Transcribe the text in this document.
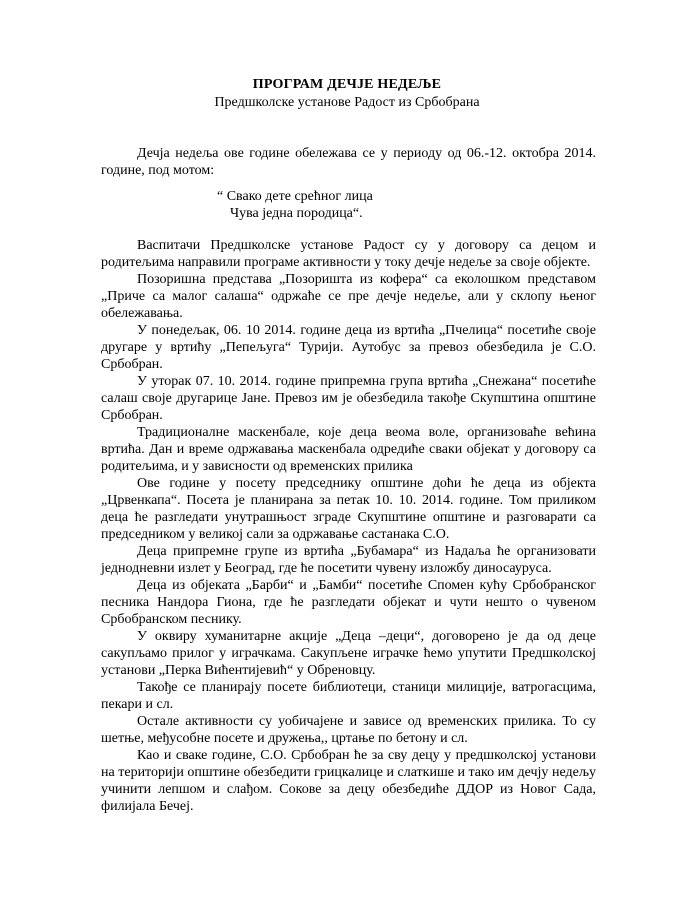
ПРОГРАМ ДЕЧЈЕ НЕДЕЉЕ
Предшколске установе Радост из Србобрана

Дечја недеља ове године обележава се у периоду од 06.-12. октобра 2014. године, под мотом:

“ Свако дете срећног лица
Чува једна породица“.

Васпитачи Предшколске установе Радост су у договору са децом и родитељима направили програме активности у току дечје недеље за своје објекте.

Позоришна представа „Позоришта из кофера“ са еколошком представом „Приче са малог салаша“ одржаће се пре дечје недеље, али у склопу њеног обележавања.

У понедељак, 06. 10 2014. године деца из вртића „Пчелица“ посетиће своје другаре у вртићу „Пепељуга“ Турији. Аутобус за превоз обезбедила је С.О. Србобран.

У уторак 07. 10. 2014. године припремна група вртића „Снежана“ посетиће салаш своје другарице Јане. Превоз им је обезбедила такође Скупштина општине Србобран.

Традиционалне маскенбале, које деца веома воле, организоваће већина вртића. Дан и време одржавања маскенбала одредиће сваки објекат у договору са родитељима, и у зависности од временских прилика

Ове године у посету председнику општине доћи ће деца из објекта „Црвенкапа“. Посета је планирана за петак 10. 10. 2014. године. Том приликом деца ће разгледати унутрашњост зграде Скупштине општине и разговарати са председником у великој сали за одржавање састанака С.О.

Деца припремне групе из вртића „Бубамара“ из Надаља ће организовати једнодневни излет у Београд, где ће посетити чувену изложбу диносауруса.

Деца из објеката „Барби“ и „Бамби“ посетиће Спомен кућу Србобранског песника Нандора Гиона, где ће разгледати објекат и чути нешто о чувеном Србобранском песнику.

У оквиру хуманитарне акције „Деца –деци“, договорено је да од деце сакупљамо прилог у играчкама. Сакупљене играчке ћемо упутити Предшколској установи „Перка Вићентијевић“ у Обреновцу.

Такође се планирају посете библиотеци, станици милиције, ватрогасцима, пекари и сл.

Остале активности су уобичајене и зависе од временских прилика. То су шетње, међусобне посете и дружења,, цртање по бетону и сл.

Као и сваке године, С.О. Србобран ће за сву децу у предшколској установи на територији општине обезбедити грицкалице и слаткише и тако им дечју недељу учинити лепшом и слађом. Сокове за децу обезбедиће ДДОР из Новог Сада, филијала Бечеј.
